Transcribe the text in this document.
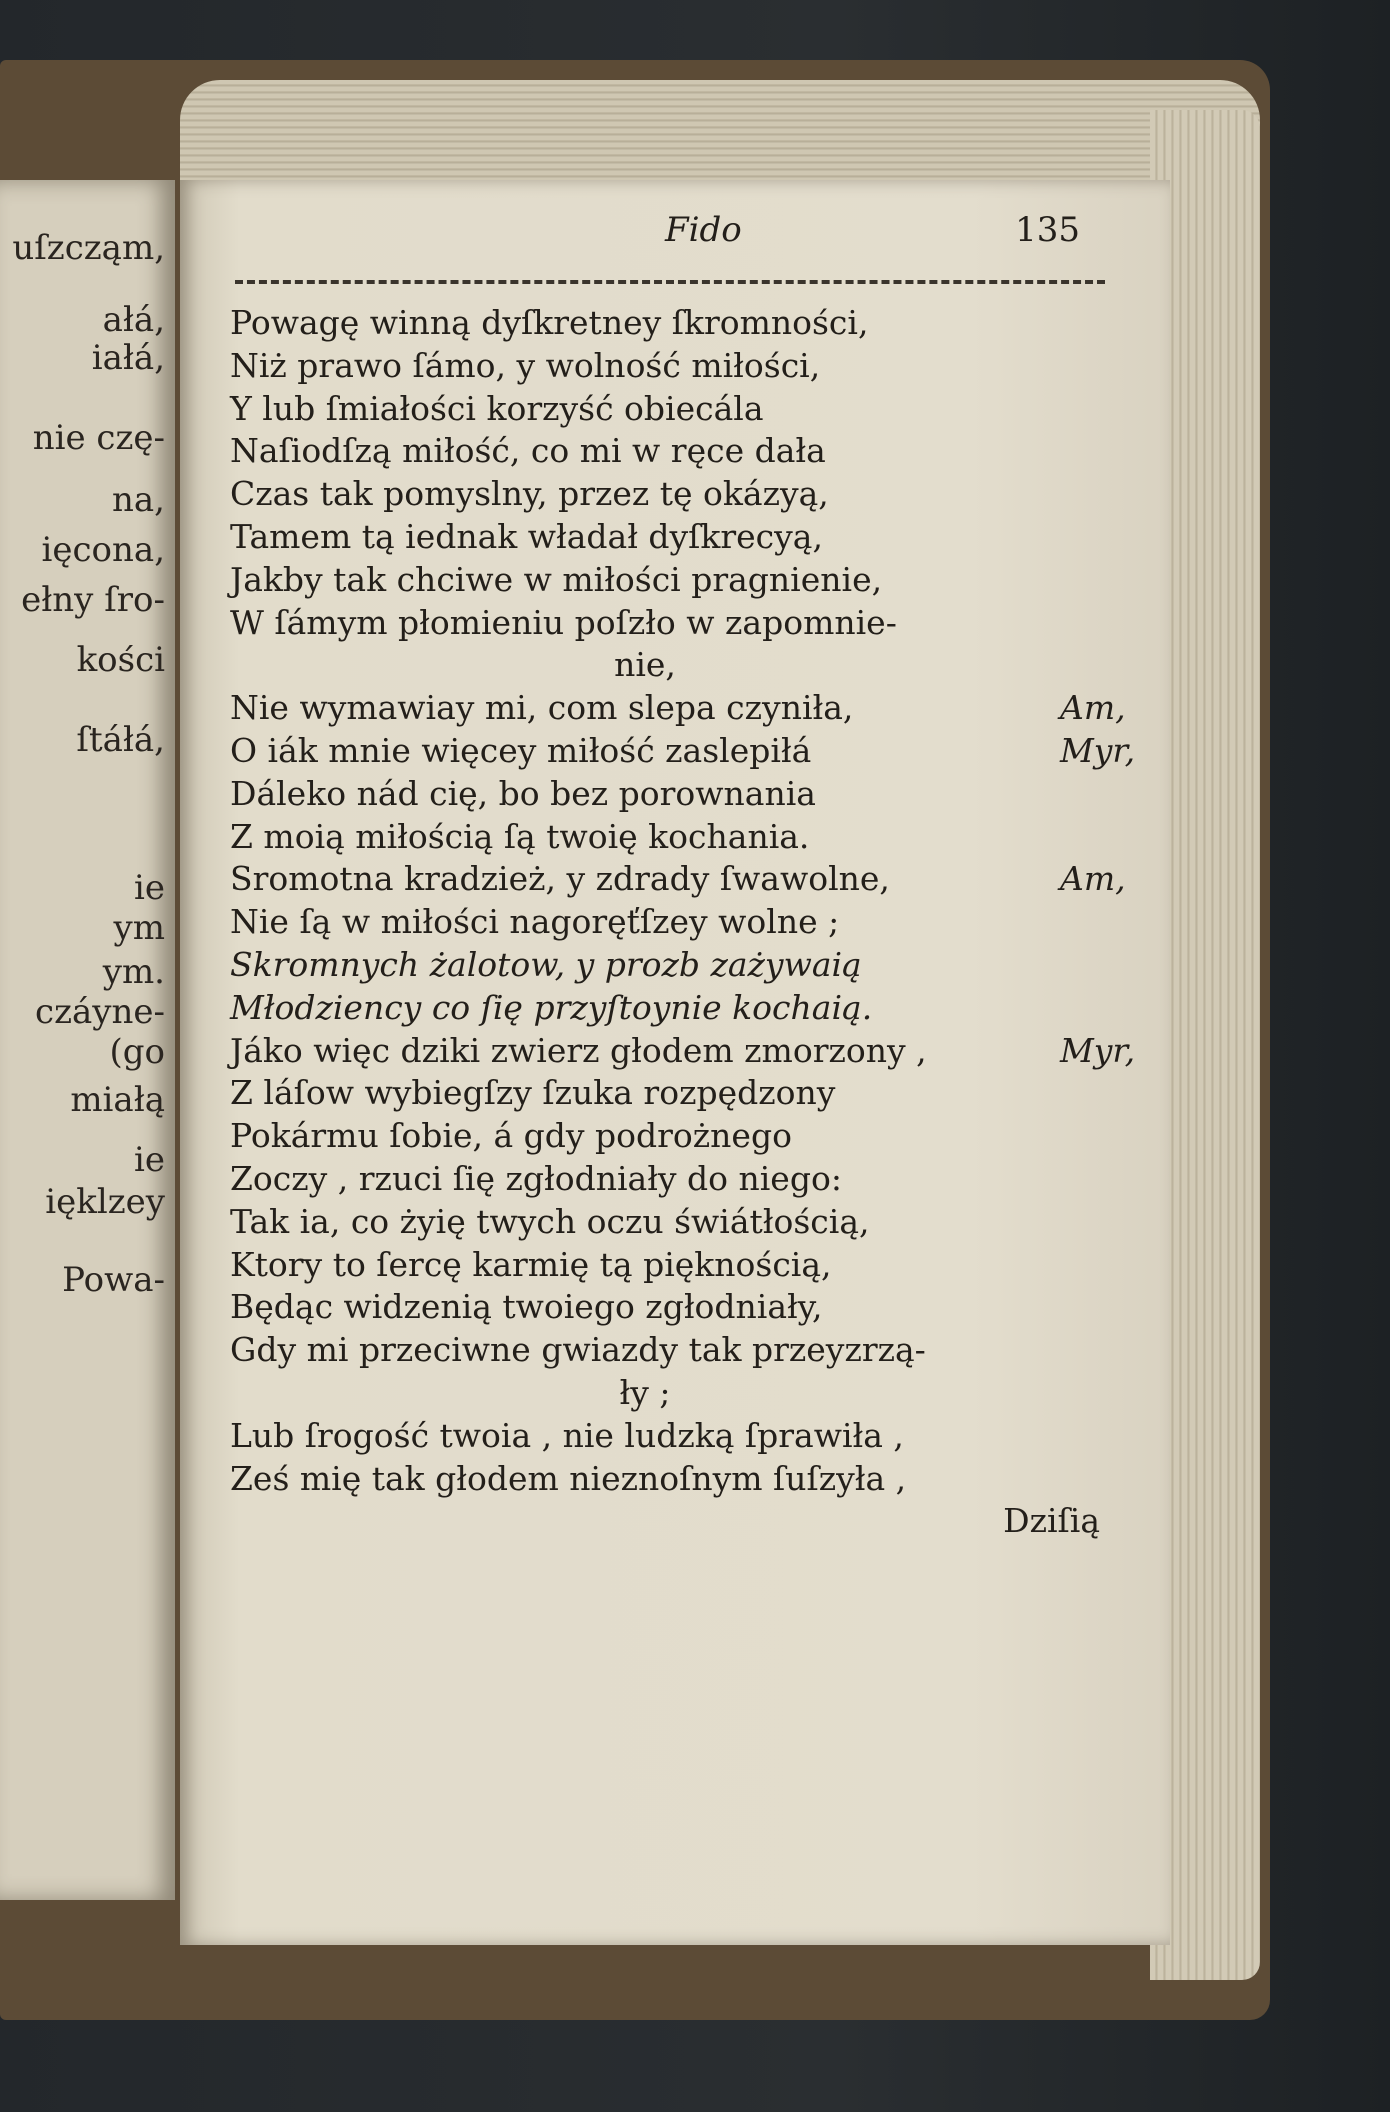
uſzcząm,
ałá,
iałá,
nie czę-
na,
ięcona,
ełny ſro-
kości
ſtáłá,
ie
ym
ym.
czáyne-
(go
miałą
ie
ięklzey
Powa-
Fido	135
Powagę winną dyſkretney ſkromności,
Niż prawo ſámo, y wolność miłości,
Y lub ſmiałości korzyść obiecála
Naſiodſzą miłość, co mi w ręce dała
Czas tak pomyslny, przez tę okázyą,
Tamem tą iednak władał dyſkrecyą,
Jakby tak chciwe w miłości pragnienie,
W ſámym płomieniu poſzło w zapomnie-
nie,
Nie wymawiay mi, com slepa czyniła,	Am,
O iák mnie więcey miłość zaslepiłá	Myr,
Dáleko nád cię, bo bez porownania
Z moią miłością ſą twoię kochania.
Sromotna kradzież, y zdrady ſwawolne,	Am,
Nie ſą w miłości nagoręťſzey wolne ;
Skromnych żalotow, y prozb zażywaią
Młodziency co ſię przyſtoynie kochaią.
Jáko więc dziki zwierz głodem zmorzony ,	Myr,
Z láſow wybiegſzy ſzuka rozpędzony
Pokármu ſobie, á gdy podrożnego
Zoczy , rzuci ſię zgłodniały do niego:
Tak ia, co żyię twych oczu świátłością,
Ktory to ſercę karmię tą pięknością,
Będąc widzenią twoiego zgłodniały,
Gdy mi przeciwne gwiazdy tak przeyzrzą-
ły ;
Lub ſrogość twoia , nie ludzką ſprawiła ,
Ześ mię tak głodem nieznoſnym ſuſzyła ,
Dziſią
